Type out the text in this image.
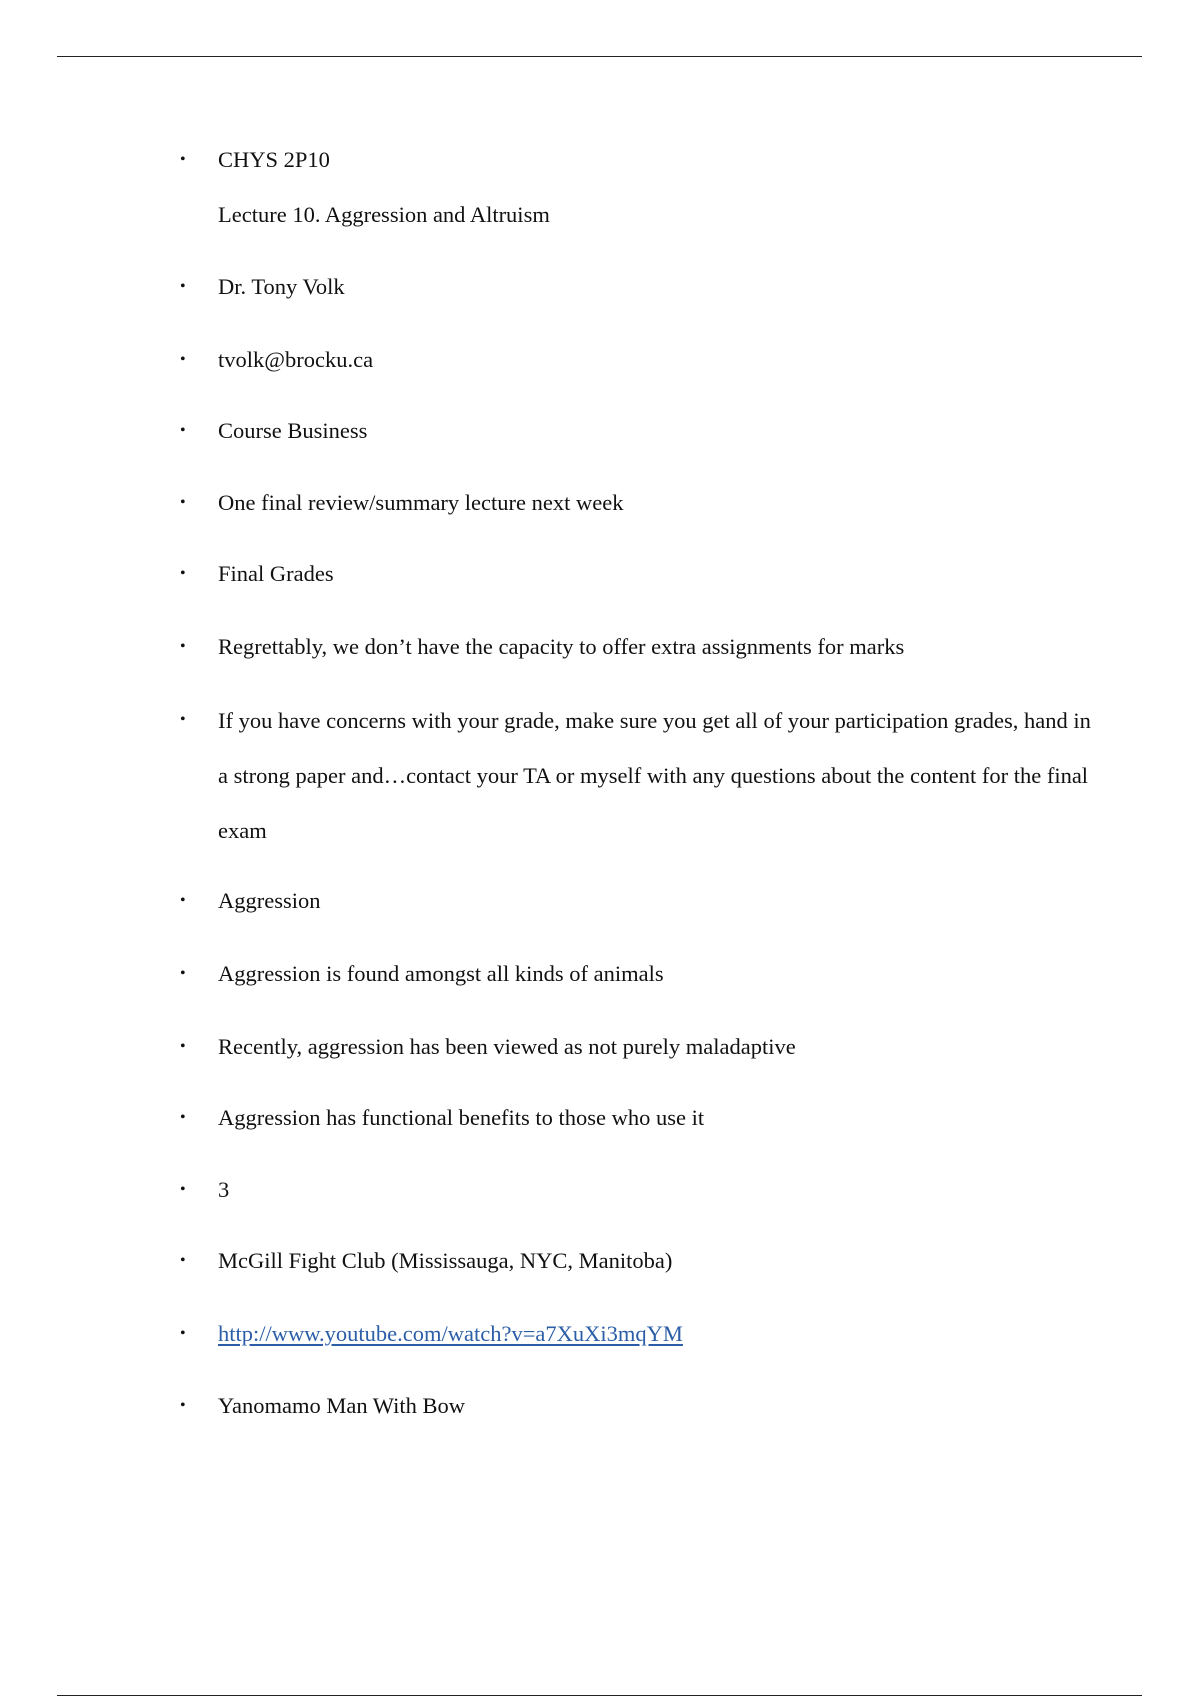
• CHYS 2P10
Lecture 10. Aggression and Altruism
• Dr. Tony Volk
• tvolk@brocku.ca
• Course Business
• One final review/summary lecture next week
• Final Grades
• Regrettably, we don’t have the capacity to offer extra assignments for marks
• If you have concerns with your grade, make sure you get all of your participation grades, hand in a strong paper and…contact your TA or myself with any questions about the content for the final exam
• Aggression
• Aggression is found amongst all kinds of animals
• Recently, aggression has been viewed as not purely maladaptive
• Aggression has functional benefits to those who use it
• 3
• McGill Fight Club (Mississauga, NYC, Manitoba)
• http://www.youtube.com/watch?v=a7XuXi3mqYM
• Yanomamo Man With Bow
